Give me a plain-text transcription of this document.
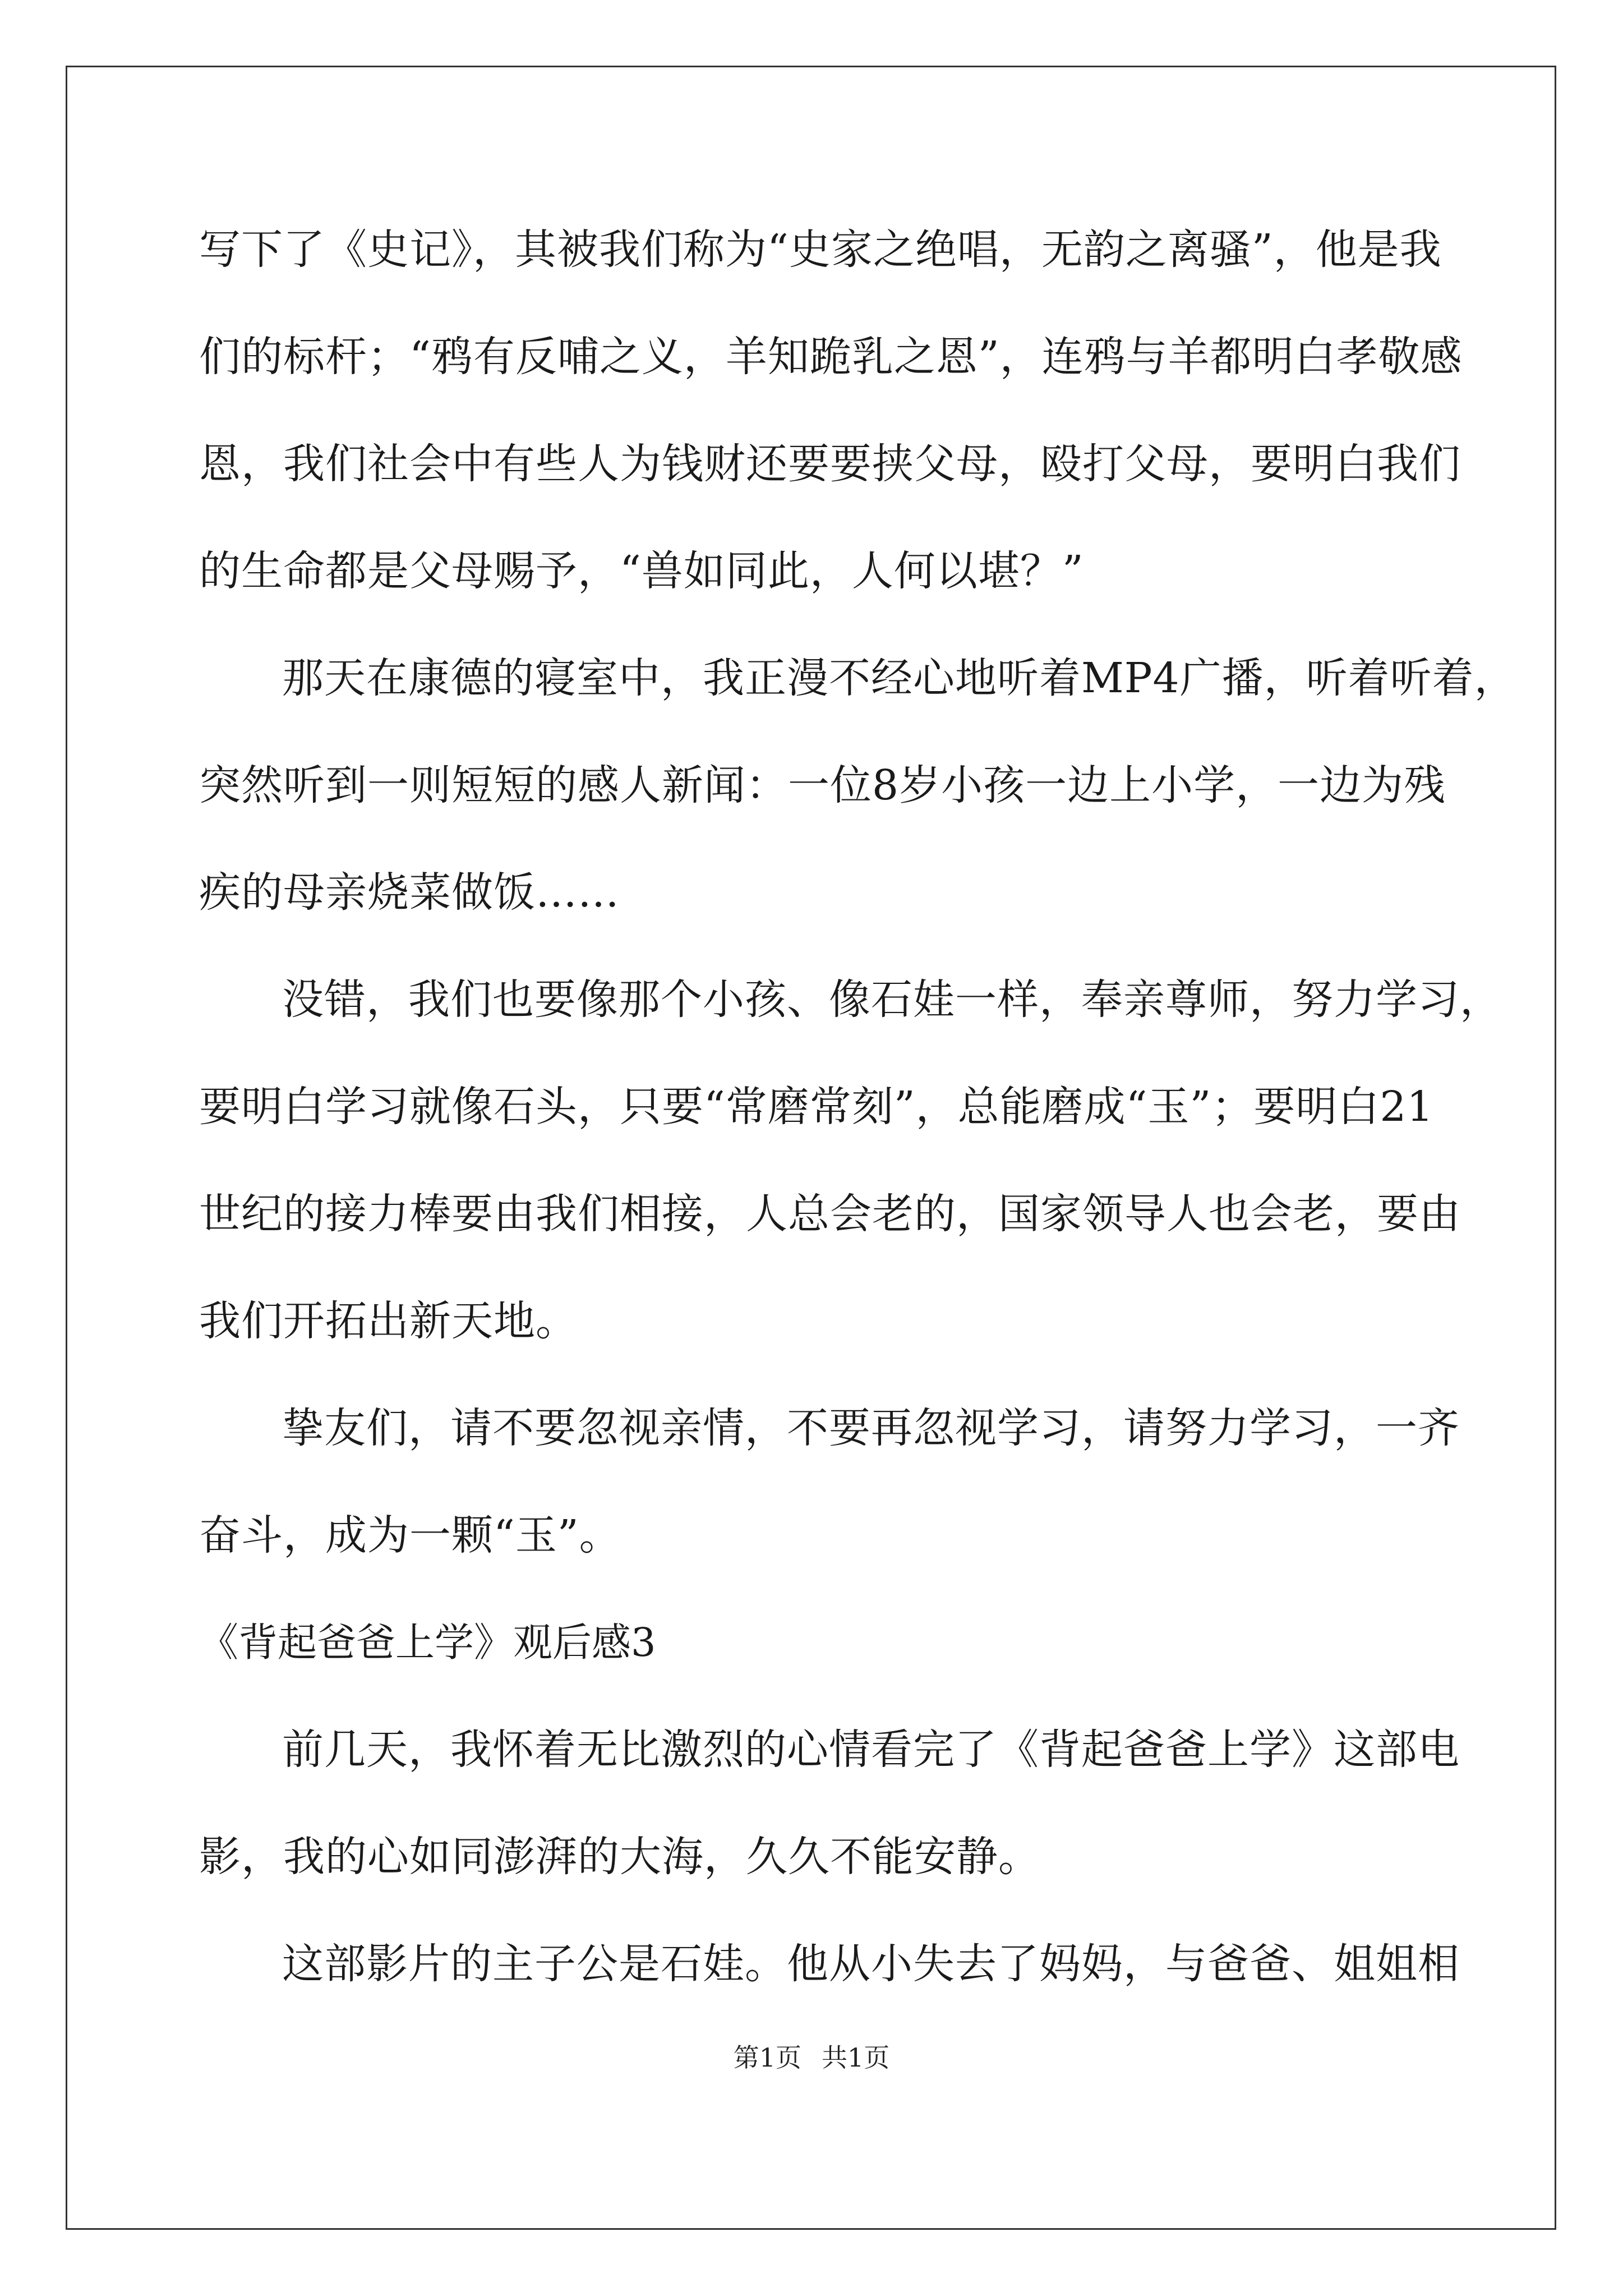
写下了《史记》，其被我们称为“史家之绝唱，无韵之离骚”，他是我
们的标杆；“鸦有反哺之义，羊知跪乳之恩”，连鸦与羊都明白孝敬感
恩，我们社会中有些人为钱财还要要挟父母，殴打父母，要明白我们
的生命都是父母赐予，“兽如同此，人何以堪？”
那天在康德的寝室中，我正漫不经心地听着MP4广播，听着听着，
突然听到一则短短的感人新闻：一位8岁小孩一边上小学，一边为残
疾的母亲烧菜做饭……
没错，我们也要像那个小孩、像石娃一样，奉亲尊师，努力学习，
要明白学习就像石头，只要“常磨常刻”，总能磨成“玉”；要明白21
世纪的接力棒要由我们相接，人总会老的，国家领导人也会老，要由
我们开拓出新天地。
挚友们，请不要忽视亲情，不要再忽视学习，请努力学习，一齐
奋斗，成为一颗“玉”。
《背起爸爸上学》观后感3
前几天，我怀着无比激烈的心情看完了《背起爸爸上学》这部电
影，我的心如同澎湃的大海，久久不能安静。
这部影片的主子公是石娃。他从小失去了妈妈，与爸爸、姐姐相
第1页 共1页
